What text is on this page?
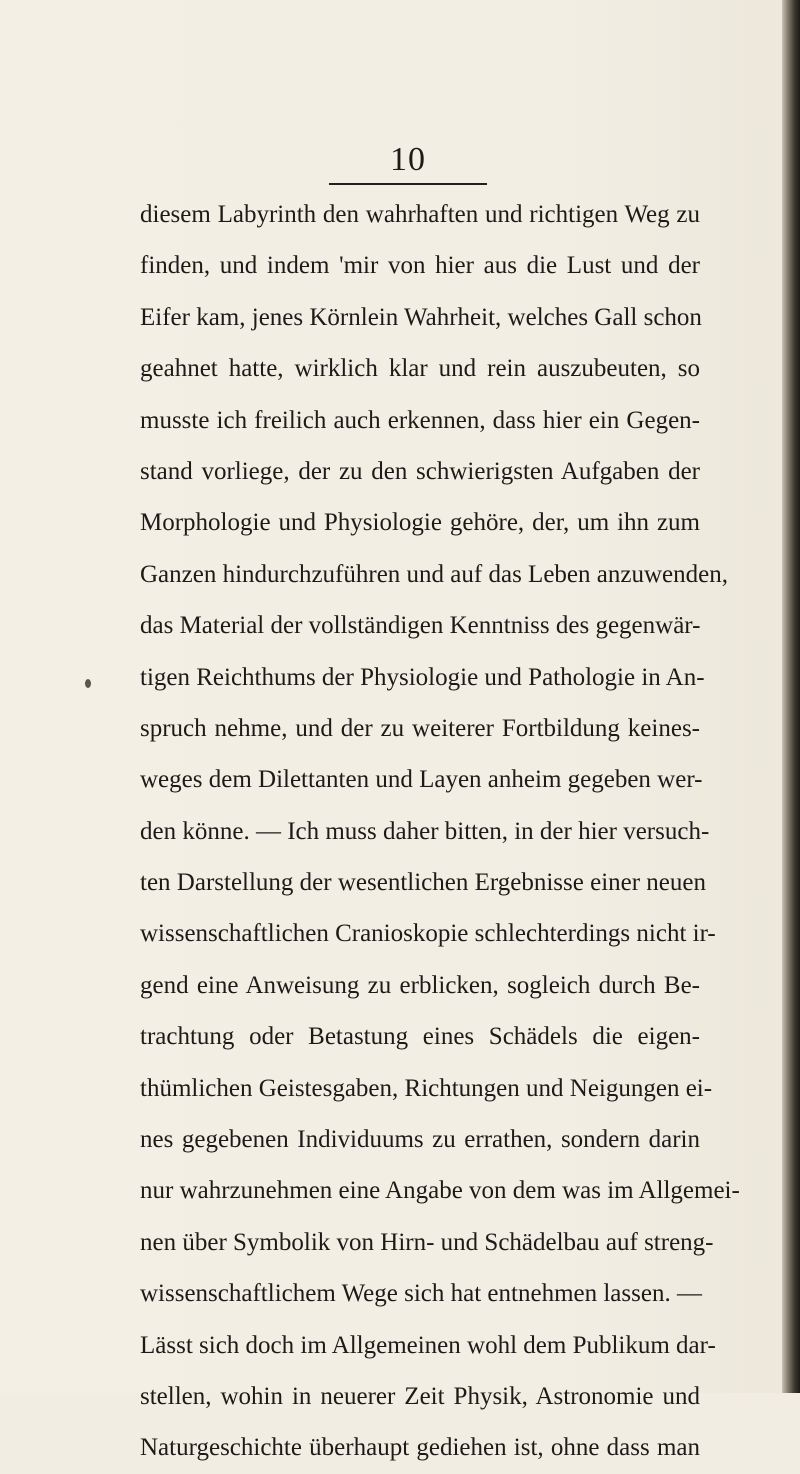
10
diesem Labyrinth den wahrhaften und richtigen Weg zu
finden, und indem 'mir von hier aus die Lust und der
Eifer kam, jenes Körnlein Wahrheit, welches Gall schon
geahnet hatte, wirklich klar und rein auszubeuten, so
musste ich freilich auch erkennen, dass hier ein Gegen-
stand vorliege, der zu den schwierigsten Aufgaben der
Morphologie und Physiologie gehöre, der, um ihn zum
Ganzen hindurchzuführen und auf das Leben anzuwenden,
das Material der vollständigen Kenntniss des gegenwär-
tigen Reichthums der Physiologie und Pathologie in An-
spruch nehme, und der zu weiterer Fortbildung keines-
weges dem Dilettanten und Layen anheim gegeben wer-
den könne. — Ich muss daher bitten, in der hier versuch-
ten Darstellung der wesentlichen Ergebnisse einer neuen
wissenschaftlichen Cranioskopie schlechterdings nicht ir-
gend eine Anweisung zu erblicken, sogleich durch Be-
trachtung oder Betastung eines Schädels die eigen-
thümlichen Geistesgaben, Richtungen und Neigungen ei-
nes gegebenen Individuums zu errathen, sondern darin
nur wahrzunehmen eine Angabe von dem was im Allgemei-
nen über Symbolik von Hirn- und Schädelbau auf streng-
wissenschaftlichem Wege sich hat entnehmen lassen. —
Lässt sich doch im Allgemeinen wohl dem Publikum dar-
stellen, wohin in neuerer Zeit Physik, Astronomie und
Naturgeschichte überhaupt gediehen ist, ohne dass man
